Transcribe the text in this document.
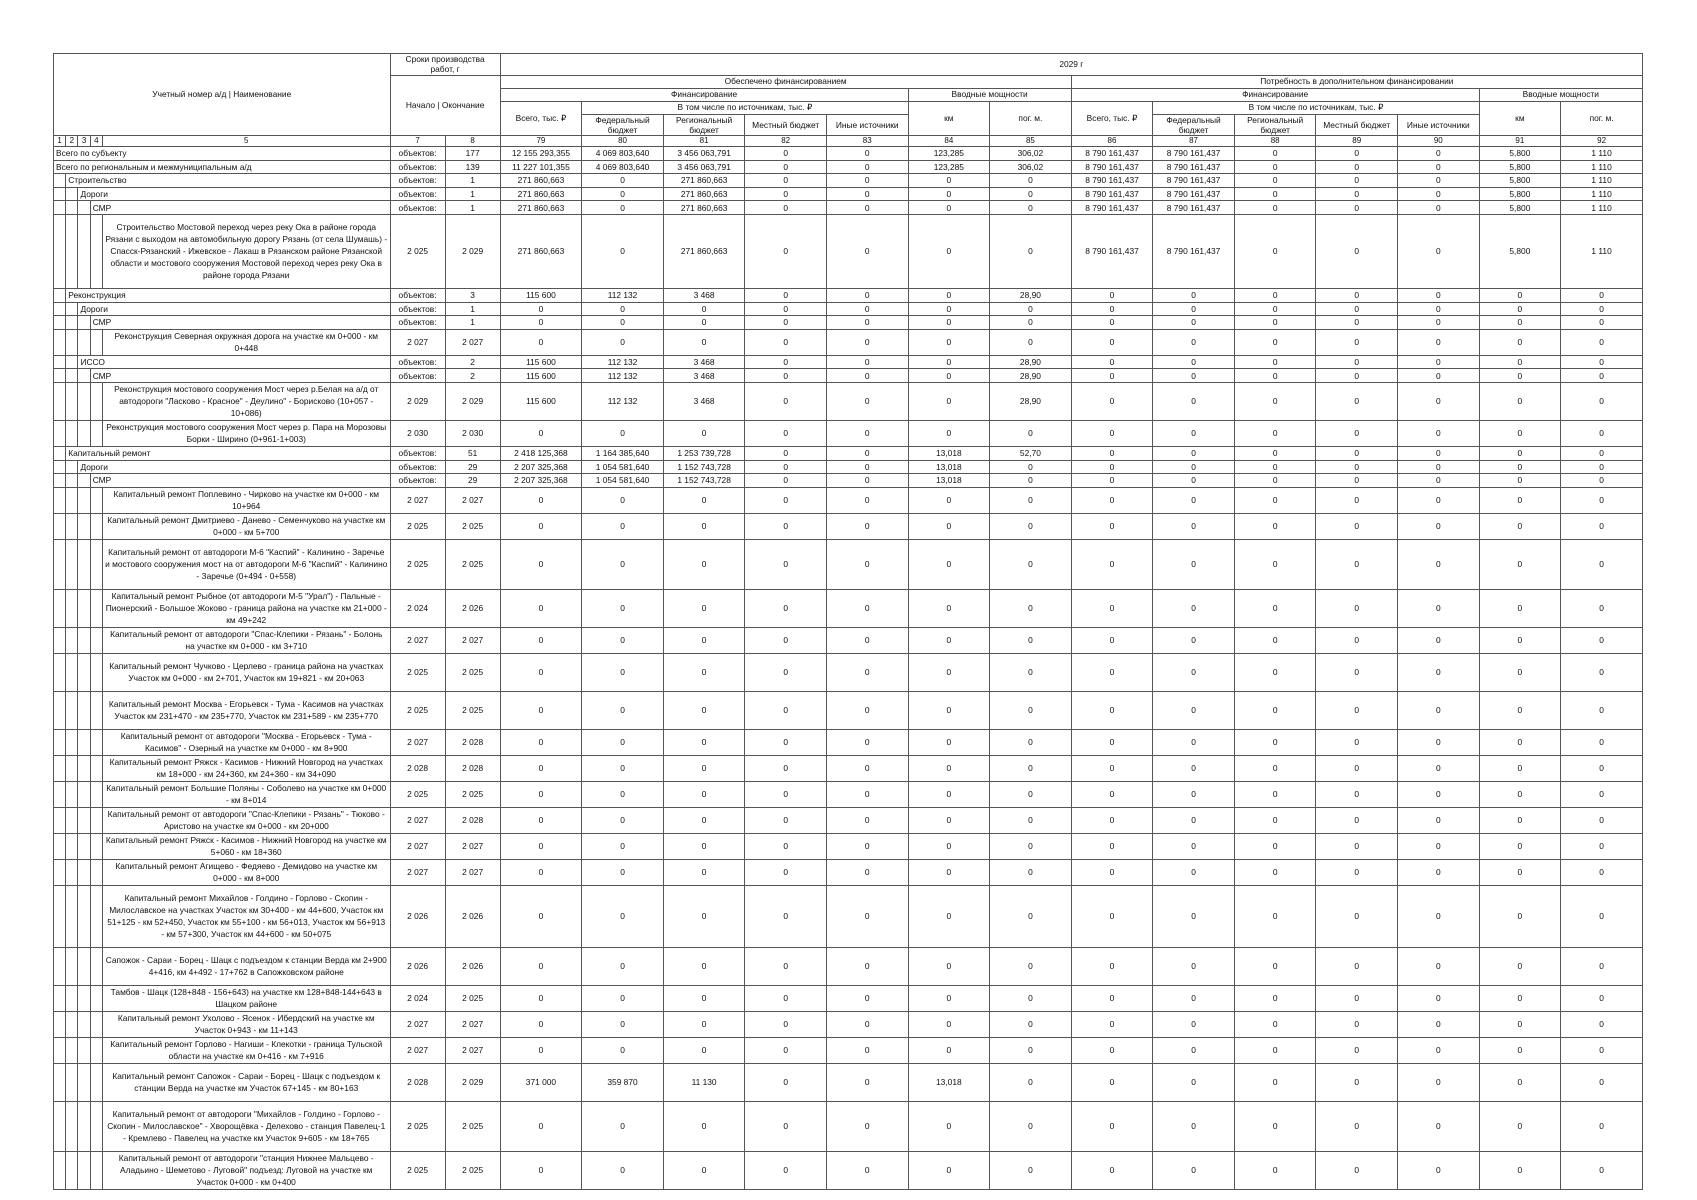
Учетный номер а/д | Наименование					Сроки производства работ, г		2029 г													
					Начало | Окончание		Обеспечено финансированием							Потребность в дополнительном финансировании						
							Финансирование					Вводные мощности		Финансирование					Вводные мощности	
							Всего, тыс. ₽	В том числе по источникам, тыс. ₽				км	пог. м.	Всего, тыс. ₽	В том числе по источникам, тыс. ₽				км	пог. м.
								Федеральный бюджет	Региональный бюджет	Местный бюджет	Иные источники				Федеральный бюджет	Региональный бюджет	Местный бюджет	Иные источники		
1	2	3	4	5	7	8	79	80	81	82	83	84	85	86	87	88	89	90	91	92
Всего по субъекту					объектов:	177	12 155 293,355	4 069 803,640	3 456 063,791	0	0	123,285	306,02	8 790 161,437	8 790 161,437	0	0	0	5,800	1 110
Всего по региональным и межмуниципальным а/д					объектов:	139	11 227 101,355	4 069 803,640	3 456 063,791	0	0	123,285	306,02	8 790 161,437	8 790 161,437	0	0	0	5,800	1 110
	Строительство				объектов:	1	271 860,663	0	271 860,663	0	0	0	0	8 790 161,437	8 790 161,437	0	0	0	5,800	1 110
		Дороги			объектов:	1	271 860,663	0	271 860,663	0	0	0	0	8 790 161,437	8 790 161,437	0	0	0	5,800	1 110
			СМР		объектов:	1	271 860,663	0	271 860,663	0	0	0	0	8 790 161,437	8 790 161,437	0	0	0	5,800	1 110
				Строительство Мостовой переход через реку Ока в районе города Рязани с выходом на автомобильную дорогу Рязань (от села Шумашь) - Спасск-Рязанский - Ижевское - Лакаш в Рязанском районе Рязанской области и мостового сооружения Мостовой переход через реку Ока в районе города Рязани	2 025	2 029	271 860,663	0	271 860,663	0	0	0	0	8 790 161,437	8 790 161,437	0	0	0	5,800	1 110
	Реконструкция				объектов:	3	115 600	112 132	3 468	0	0	0	28,90	0	0	0	0	0	0	0
		Дороги			объектов:	1	0	0	0	0	0	0	0	0	0	0	0	0	0	0
			СМР		объектов:	1	0	0	0	0	0	0	0	0	0	0	0	0	0	0
				Реконструкция Северная окружная дорога на участке км 0+000 - км 0+448	2 027	2 027	0	0	0	0	0	0	0	0	0	0	0	0	0	0
		ИССО			объектов:	2	115 600	112 132	3 468	0	0	0	28,90	0	0	0	0	0	0	0
			СМР		объектов:	2	115 600	112 132	3 468	0	0	0	28,90	0	0	0	0	0	0	0
				Реконструкция мостового сооружения Мост через р.Белая на а/д от автодороги "Ласково - Красное" - Деулино" - Борисково (10+057 - 10+086)	2 029	2 029	115 600	112 132	3 468	0	0	0	28,90	0	0	0	0	0	0	0
				Реконструкция мостового сооружения Мост через р. Пара на Морозовы Борки - Ширино (0+961-1+003)	2 030	2 030	0	0	0	0	0	0	0	0	0	0	0	0	0	0
	Капитальный ремонт				объектов:	51	2 418 125,368	1 164 385,640	1 253 739,728	0	0	13,018	52,70	0	0	0	0	0	0	0
		Дороги			объектов:	29	2 207 325,368	1 054 581,640	1 152 743,728	0	0	13,018	0	0	0	0	0	0	0	0
			СМР		объектов:	29	2 207 325,368	1 054 581,640	1 152 743,728	0	0	13,018	0	0	0	0	0	0	0	0
				Капитальный ремонт Поплевино - Чирково на участке км 0+000 - км 10+964	2 027	2 027	0	0	0	0	0	0	0	0	0	0	0	0	0	0
				Капитальный ремонт Дмитриево - Данево - Семенчуково на участке км 0+000 - км 5+700	2 025	2 025	0	0	0	0	0	0	0	0	0	0	0	0	0	0
				Капитальный ремонт от автодороги М-6 "Каспий" - Калинино - Заречье и мостового сооружения мост на от автодороги М-6 "Каспий" - Калинино - Заречье (0+494 - 0+558)	2 025	2 025	0	0	0	0	0	0	0	0	0	0	0	0	0	0
				Капитальный ремонт Рыбное (от автодороги М-5 "Урал") - Пальные - Пионерский - Большое Жоково - граница района на участке км 21+000 - км 49+242	2 024	2 026	0	0	0	0	0	0	0	0	0	0	0	0	0	0
				Капитальный ремонт от автодороги "Спас-Клепики - Рязань" - Болонь на участке км 0+000 - км 3+710	2 027	2 027	0	0	0	0	0	0	0	0	0	0	0	0	0	0
				Капитальный ремонт Чучково - Церлево - граница района на участках Участок км 0+000 - км 2+701, Участок км 19+821 - км 20+063	2 025	2 025	0	0	0	0	0	0	0	0	0	0	0	0	0	0
				Капитальный ремонт Москва - Егорьевск - Тума - Касимов на участках Участок км 231+470 - км 235+770, Участок км 231+589 - км 235+770	2 025	2 025	0	0	0	0	0	0	0	0	0	0	0	0	0	0
				Капитальный ремонт от автодороги "Москва - Егорьевск - Тума - Касимов" - Озерный на участке км 0+000 - км 8+900	2 027	2 028	0	0	0	0	0	0	0	0	0	0	0	0	0	0
				Капитальный ремонт Ряжск - Касимов - Нижний Новгород на участках км 18+000 - км 24+360, км 24+360 - км 34+090	2 028	2 028	0	0	0	0	0	0	0	0	0	0	0	0	0	0
				Капитальный ремонт Большие Поляны - Соболево на участке км 0+000 - км 8+014	2 025	2 025	0	0	0	0	0	0	0	0	0	0	0	0	0	0
				Капитальный ремонт от автодороги "Спас-Клепики - Рязань" - Тюково - Аристово на участке км 0+000 - км 20+000	2 027	2 028	0	0	0	0	0	0	0	0	0	0	0	0	0	0
				Капитальный ремонт Ряжск - Касимов - Нижний Новгород на участке км 5+060 - км 18+360	2 027	2 027	0	0	0	0	0	0	0	0	0	0	0	0	0	0
				Капитальный ремонт Агищево - Федяево - Демидово на участке км 0+000 - км 8+000	2 027	2 027	0	0	0	0	0	0	0	0	0	0	0	0	0	0
				Капитальный ремонт Михайлов - Голдино - Горлово - Скопин - Милославское на участках Участок км 30+400 - км 44+600, Участок км 51+125 - км 52+450, Участок км 55+100 - км 56+013, Участок км 56+913 - км 57+300, Участок км 44+600 - км 50+075	2 026	2 026	0	0	0	0	0	0	0	0	0	0	0	0	0	0
				Сапожок - Сараи - Борец - Шацк с подъездом к станции Верда км 2+900 4+416, км 4+492 - 17+762 в Сапожковском районе	2 026	2 026	0	0	0	0	0	0	0	0	0	0	0	0	0	0
				Тамбов - Шацк (128+848 - 156+643) на участке км 128+848-144+643 в Шацком районе	2 024	2 025	0	0	0	0	0	0	0	0	0	0	0	0	0	0
				Капитальный ремонт Ухолово - Ясенок - Ибердский на участке км Участок 0+943 - км 11+143	2 027	2 027	0	0	0	0	0	0	0	0	0	0	0	0	0	0
				Капитальный ремонт Горлово - Нагиши - Клекотки - граница Тульской области на участке км 0+416 - км 7+916	2 027	2 027	0	0	0	0	0	0	0	0	0	0	0	0	0	0
				Капитальный ремонт Сапожок - Сараи - Борец - Шацк с подъездом к станции Верда на участке км Участок 67+145 - км 80+163	2 028	2 029	371 000	359 870	11 130	0	0	13,018	0	0	0	0	0	0	0	0
				Капитальный ремонт от автодороги "Михайлов - Голдино - Горлово - Скопин - Милославское" - Хворощёвка - Делехово - станция Павелец-1 - Кремлево - Павелец на участке км Участок 9+605 - км 18+765	2 025	2 025	0	0	0	0	0	0	0	0	0	0	0	0	0	0
				Капитальный ремонт от автодороги "станция Нижнее Мальцево - Аладьино - Шеметово - Луговой" подъезд: Луговой на участке км Участок 0+000 - км 0+400	2 025	2 025	0	0	0	0	0	0	0	0	0	0	0	0	0	0
